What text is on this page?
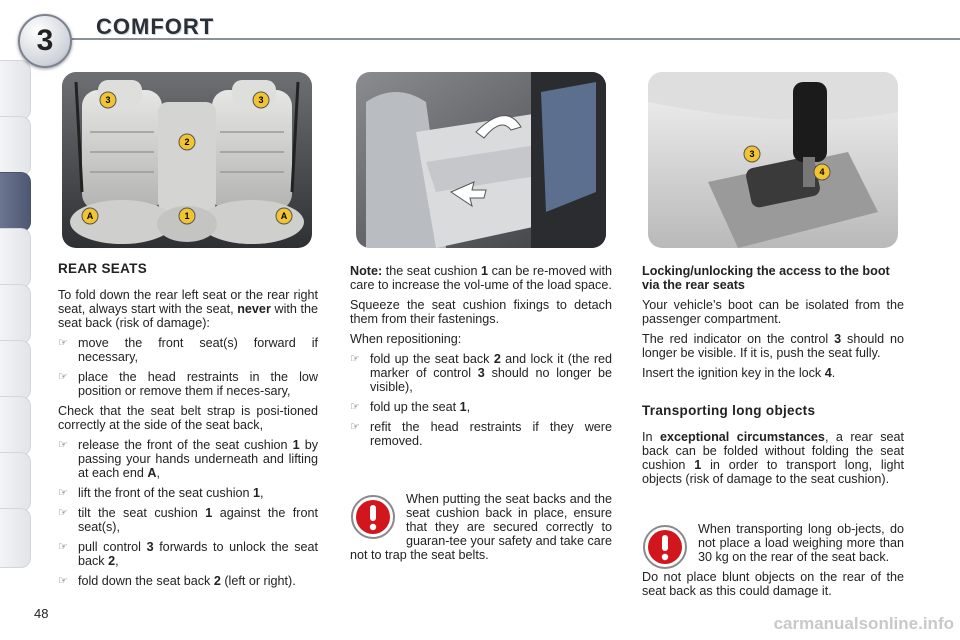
3	COMFORT
3	3
2
A	1	A
3
4
REAR SEATS

To fold down the rear left seat or the rear right seat, always start with the seat, never with the seat back (risk of damage):

☞ move the front seat(s) forward if necessary,
☞ place the head restraints in the low position or remove them if neces-sary,

Check that the seat belt strap is posi-tioned correctly at the side of the seat back,

☞ release the front of the seat cushion 1 by passing your hands underneath and lifting at each end A,
☞ lift the front of the seat cushion 1,
☞ tilt the seat cushion 1 against the front seat(s),
☞ pull control 3 forwards to unlock the seat back 2,
☞ fold down the seat back 2 (left or right).

Note: the seat cushion 1 can be re-moved with care to increase the vol-ume of the load space.

Squeeze the seat cushion fixings to detach them from their fastenings.

When repositioning:

☞ fold up the seat back 2 and lock it (the red marker of control 3 should no longer be visible),
☞ fold up the seat 1,
☞ refit the head restraints if they were removed.
When putting the seat backs and the seat cushion back in place, ensure that they are secured correctly to guaran-tee your safety and take care not to trap the seat belts.
Locking/unlocking the access to the boot via the rear seats

Your vehicle’s boot can be isolated from the passenger compartment.

The red indicator on the control 3 should no longer be visible. If it is, push the seat fully.

Insert the ignition key in the lock 4.

Transporting long objects

In exceptional circumstances, a rear seat back can be folded without folding the seat cushion 1 in order to transport long, light objects (risk of damage to the seat cushion).

When transporting long ob-jects, do not place a load weighing more than 30 kg on the rear of the seat back.

Do not place blunt objects on the rear of the seat back as this could damage it.

48
carmanualsonline.info
